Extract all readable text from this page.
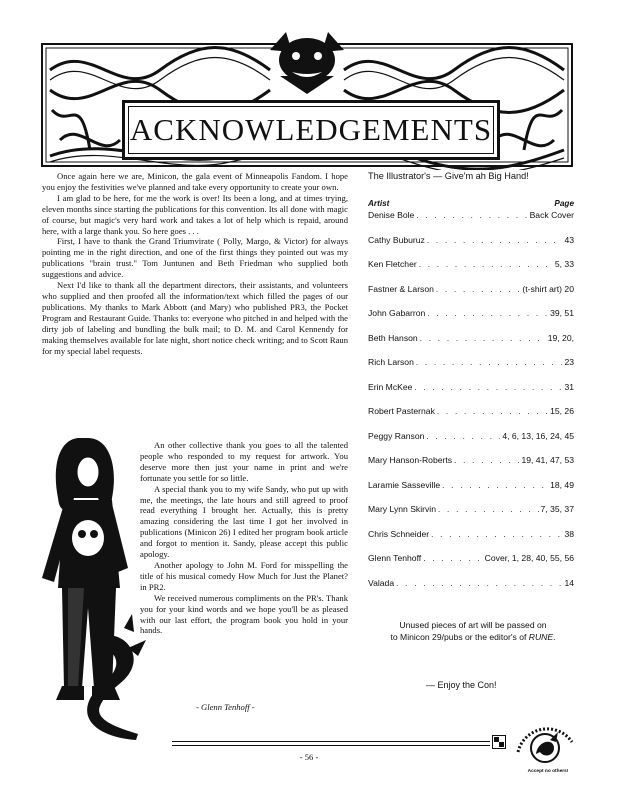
ACKNOWLEDGEMENTS

Once again here we are, Minicon, the gala event of Minneapolis Fandom. I hope you enjoy the festivities we've planned and take every opportunity to create your own.

I am glad to be here, for me the work is over! Its been a long, and at times trying, eleven months since starting the publications for this convention. Its all done with magic of course, but magic's very hard work and takes a lot of help which is repaid, around here, with a large thank you. So here goes . . .

First, I have to thank the Grand Triumvirate ( Polly, Margo, & Victor) for always pointing me in the right direction, and one of the first things they pointed out was my publications "brain trust." Tom Juntunen and Beth Friedman who supplied both suggestions and advice.

Next I'd like to thank all the department directors, their assistants, and volunteers who supplied and then proofed all the information/text which filled the pages of our publications. My thanks to Mark Abbott (and Mary) who published PR3, the Pocket Program and Restaurant Guide. Thanks to: everyone who pitched in and helped with the dirty job of labeling and bundling the bulk mail; to D. M. and Carol Kennendy for making themselves available for late night, short notice check writing; and to Scott Raun for my special label requests.

An other collective thank you goes to all the talented people who responded to my request for artwork. You deserve more then just your name in print and we're fortunate you settle for so little.

A special thank you to my wife Sandy, who put up with me, the meetings, the late hours and still agreed to proof read everything I brought her. Actually, this is pretty amazing considering the last time I got her involved in publications (Minicon 26) I edited her program book article and forgot to mention it. Sandy, please accept this public apology.

Another apology to John M. Ford for misspelling the title of his musical comedy How Much for Just the Planet? in PR2.

We received numerous compliments on the PR's. Thank you for your kind words and we hope you'll be as pleased with our last effort, the program book you hold in your hands.

- Glenn Tenhoff -
The Illustrator's — Give'm ah Big Hand!
Artist	Page
Denise Bole . . .	Back Cover
Cathy Buburuz . . .	43
Ken Fletcher . . .	5, 33
Fastner & Larson . . .	(t-shirt art) 20
John Gabarron . . .	39, 51
Beth Hanson . . .	19, 20,
Rich Larson . . .	23
Erin McKee . . .	31
Robert Pasternak . . .	15, 26
Peggy Ranson . . .	4, 6, 13, 16, 24, 45
Mary Hanson-Roberts . . .	19, 41, 47, 53
Laramie Sasseville . . .	18, 49
Mary Lynn Skirvin . . .	7, 35, 37
Chris Schneider . . .	38
Glenn Tenhoff . . .	Cover, 1, 28, 40, 55, 56
Valada . . .	14
Unused pieces of art will be passed on
to Minicon 29/pubs or the editor's of RUNE.
— Enjoy the Con!
Accept no others!
- 56 -
